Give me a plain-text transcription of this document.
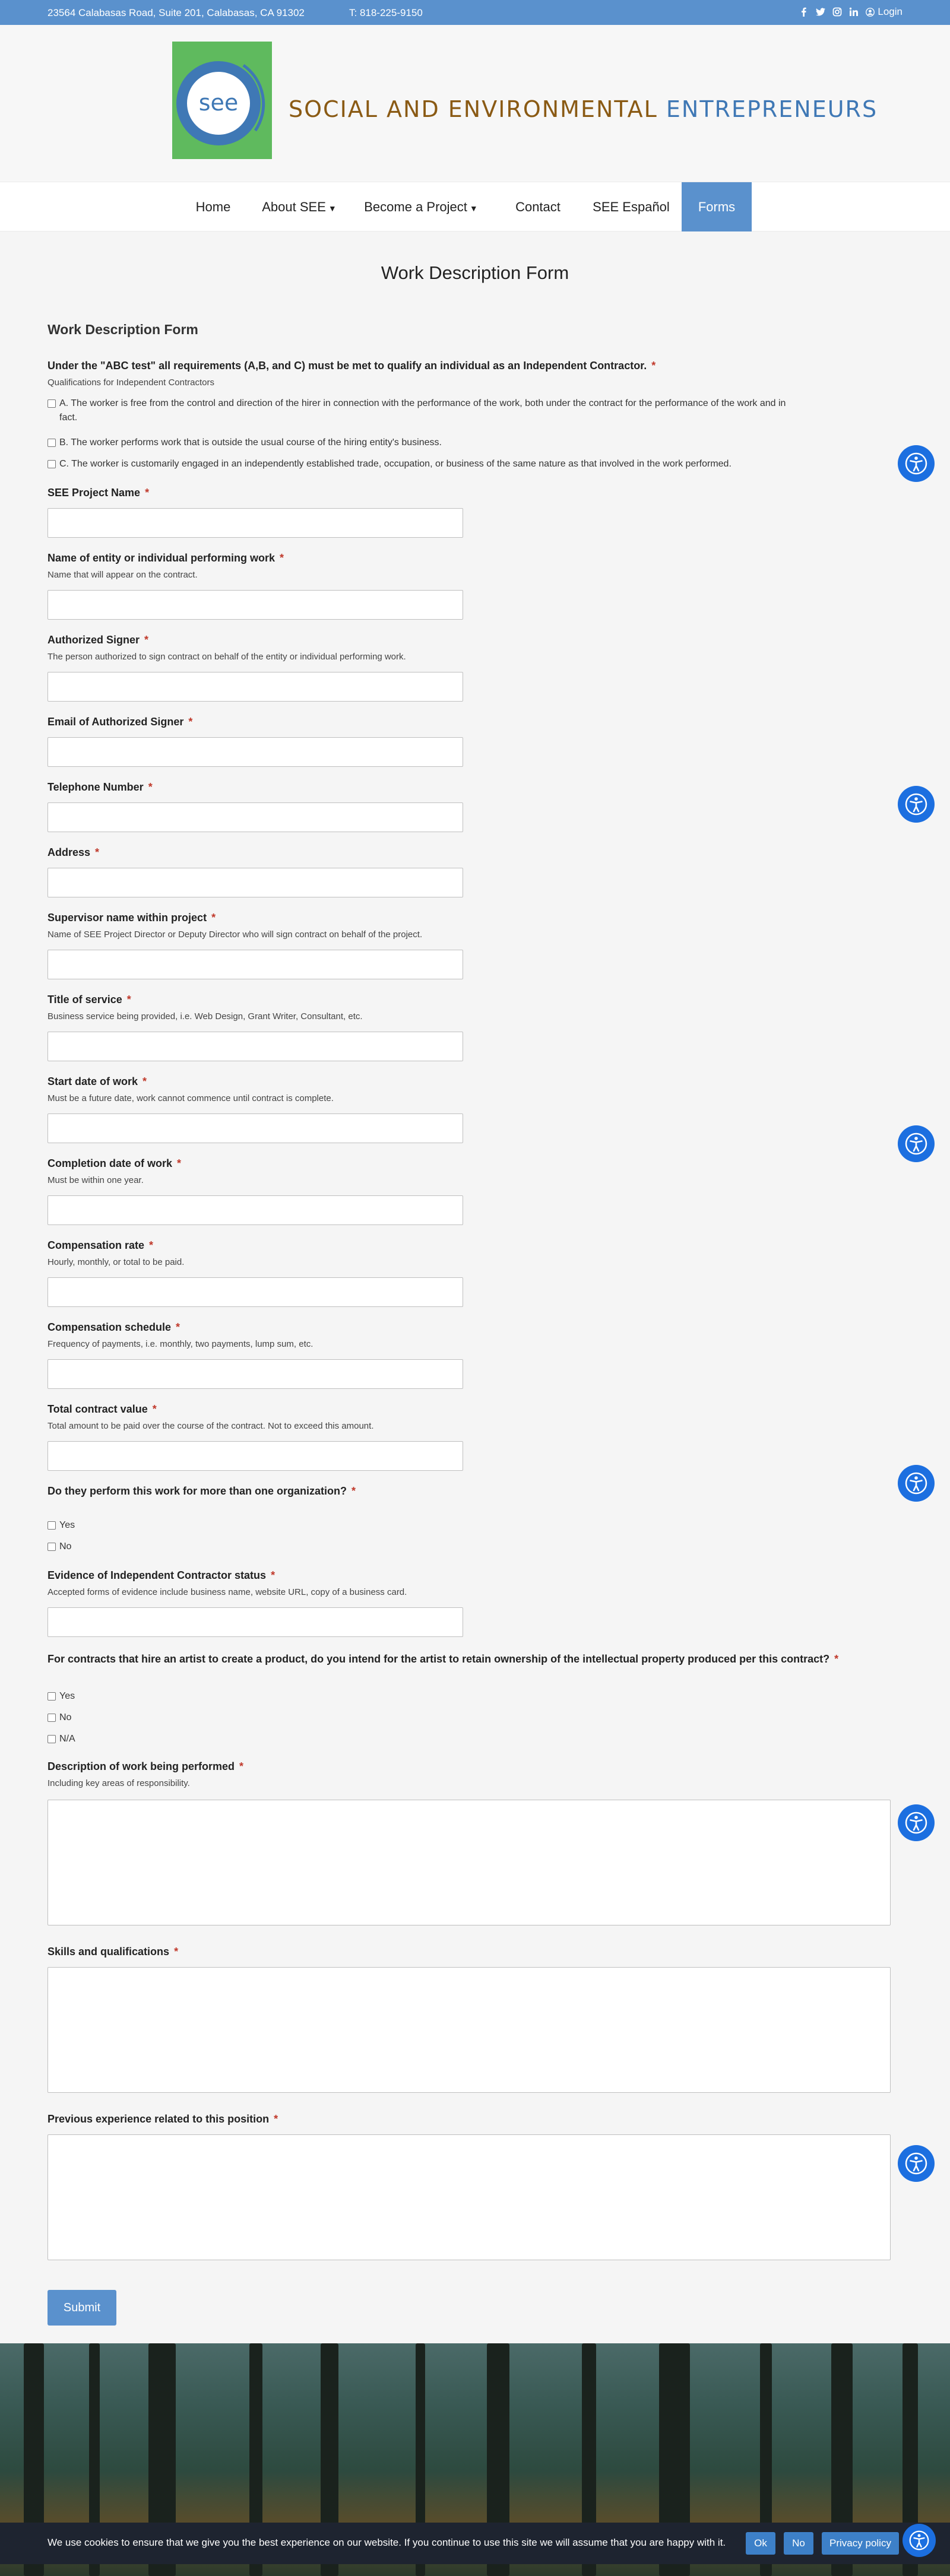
23564 Calabasas Road, Suite 201, Calabasas, CA 91302	T: 818-225-9150	Login
see SOCIAL AND ENVIRONMENTAL ENTREPRENEURS
Home	About SEE ▼	Become a Project ▼	Contact	SEE Español	Forms
Work Description Form
Work Description Form
Under the "ABC test" all requirements (A,B, and C) must be met to qualify an individual as an Independent Contractor. *
Qualifications for Independent Contractors
A. The worker is free from the control and direction of the hirer in connection with the performance of the work, both under the contract for the performance of the work and in fact.
B. The worker performs work that is outside the usual course of the hiring entity's business.
C. The worker is customarily engaged in an independently established trade, occupation, or business of the same nature as that involved in the work performed.
SEE Project Name *
Name of entity or individual performing work *
Name that will appear on the contract.
Authorized Signer *
The person authorized to sign contract on behalf of the entity or individual performing work.
Email of Authorized Signer *
Telephone Number *
Address *
Supervisor name within project *
Name of SEE Project Director or Deputy Director who will sign contract on behalf of the project.
Title of service *
Business service being provided, i.e. Web Design, Grant Writer, Consultant, etc.
Start date of work *
Must be a future date, work cannot commence until contract is complete.
Completion date of work *
Must be within one year.
Compensation rate *
Hourly, monthly, or total to be paid.
Compensation schedule *
Frequency of payments, i.e. monthly, two payments, lump sum, etc.
Total contract value *
Total amount to be paid over the course of the contract. Not to exceed this amount.
Do they perform this work for more than one organization? *
Yes
No
Evidence of Independent Contractor status *
Accepted forms of evidence include business name, website URL, copy of a business card.
For contracts that hire an artist to create a product, do you intend for the artist to retain ownership of the intellectual property produced per this contract? *
Yes
No
N/A
Description of work being performed *
Including key areas of responsibility.
Skills and qualifications *
Previous experience related to this position *
Submit
We use cookies to ensure that we give you the best experience on our website. If you continue to use this site we will assume that you are happy with it.	Ok	No	Privacy policy
